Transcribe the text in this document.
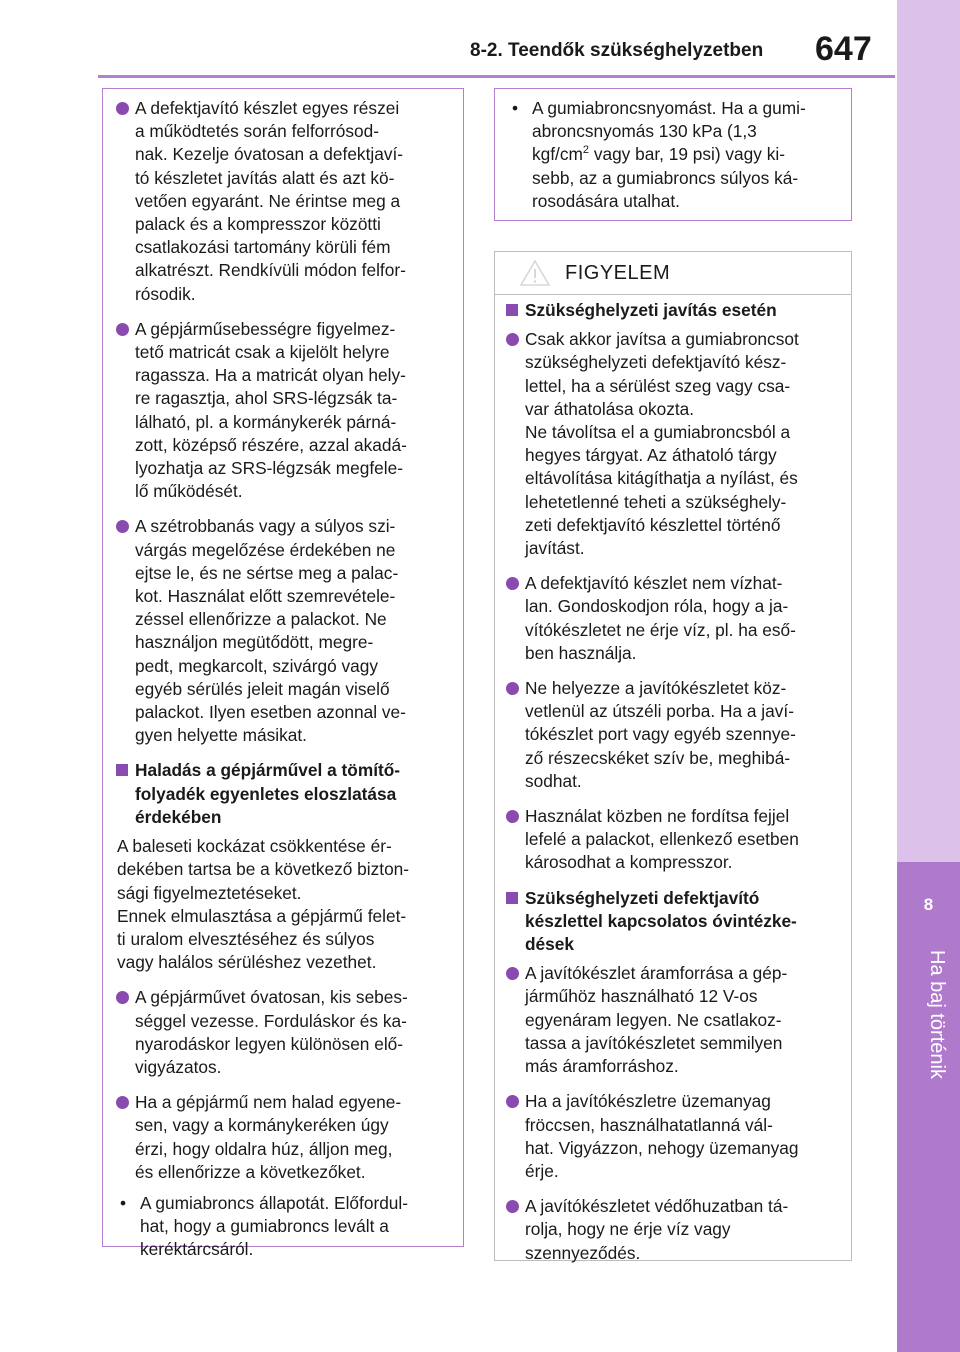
8-2. Teendők szükséghelyzetben 647
8
Ha baj történik
A defektjavító készlet egyes részei
a működtetés során felforrósod-
nak. Kezelje óvatosan a defektjaví-
tó készletet javítás alatt és azt kö-
vetően egyaránt. Ne érintse meg a
palack és a kompresszor közötti
csatlakozási tartomány körüli fém
alkatrészt. Rendkívüli módon felfor-
rósodik.
A gépjárműsebességre figyelmez-
tető matricát csak a kijelölt helyre
ragassza. Ha a matricát olyan hely-
re ragasztja, ahol SRS-légzsák ta-
lálható, pl. a kormánykerék párná-
zott, középső részére, azzal akadá-
lyozhatja az SRS-légzsák megfele-
lő működését.
A szétrobbanás vagy a súlyos szi-
várgás megelőzése érdekében ne
ejtse le, és ne sértse meg a palac-
kot. Használat előtt szemrevétele-
zéssel ellenőrizze a palackot. Ne
használjon megütődött, megre-
pedt, megkarcolt, szivárgó vagy
egyéb sérülés jeleit magán viselő
palackot. Ilyen esetben azonnal ve-
gyen helyette másikat.
Haladás a gépjárművel a tömítő-
folyadék egyenletes eloszlatása
érdekében
A baleseti kockázat csökkentése ér-
dekében tartsa be a következő bizton-
sági figyelmeztetéseket.
Ennek elmulasztása a gépjármű felet-
ti uralom elvesztéséhez és súlyos
vagy halálos sérüléshez vezethet.
A gépjárművet óvatosan, kis sebes-
séggel vezesse. Forduláskor és ka-
nyarodáskor legyen különösen elő-
vigyázatos.
Ha a gépjármű nem halad egyene-
sen, vagy a kormánykeréken úgy
érzi, hogy oldalra húz, álljon meg,
és ellenőrizze a következőket.
• A gumiabroncs állapotát. Előfordul-
hat, hogy a gumiabroncs levált a
keréktárcsáról.
• A gumiabroncsnyomást. Ha a gumi-
abroncsnyomás 130 kPa (1,3
kgf/$cm^2$ vagy bar, 19 psi) vagy ki-
sebb, az a gumiabroncs súlyos ká-
rosodására utalhat.
FIGYELEM
Szükséghelyzeti javítás esetén
Csak akkor javítsa a gumiabroncsot
szükséghelyzeti defektjavító kész-
lettel, ha a sérülést szeg vagy csa-
var áthatolása okozta.
Ne távolítsa el a gumiabroncsból a
hegyes tárgyat. Az áthatoló tárgy
eltávolítása kitágíthatja a nyílást, és
lehetetlenné teheti a szükséghely-
zeti defektjavító készlettel történő
javítást.
A defektjavító készlet nem vízhat-
lan. Gondoskodjon róla, hogy a ja-
vítókészletet ne érje víz, pl. ha eső-
ben használja.
Ne helyezze a javítókészletet köz-
vetlenül az útszéli porba. Ha a javí-
tókészlet port vagy egyéb szennye-
ző részecskéket szív be, meghibá-
sodhat.
Használat közben ne fordítsa fejjel
lefelé a palackot, ellenkező esetben
károsodhat a kompresszor.
Szükséghelyzeti defektjavító
készlettel kapcsolatos óvintézke-
dések
A javítókészlet áramforrása a gép-
járműhöz használható 12 V-os
egyenáram legyen. Ne csatlakoz-
tassa a javítókészletet semmilyen
más áramforráshoz.
Ha a javítókészletre üzemanyag
fröccsen, használhatatlanná vál-
hat. Vigyázzon, nehogy üzemanyag
érje.
A javítókészletet védőhuzatban tá-
rolja, hogy ne érje víz vagy
szennyeződés.
